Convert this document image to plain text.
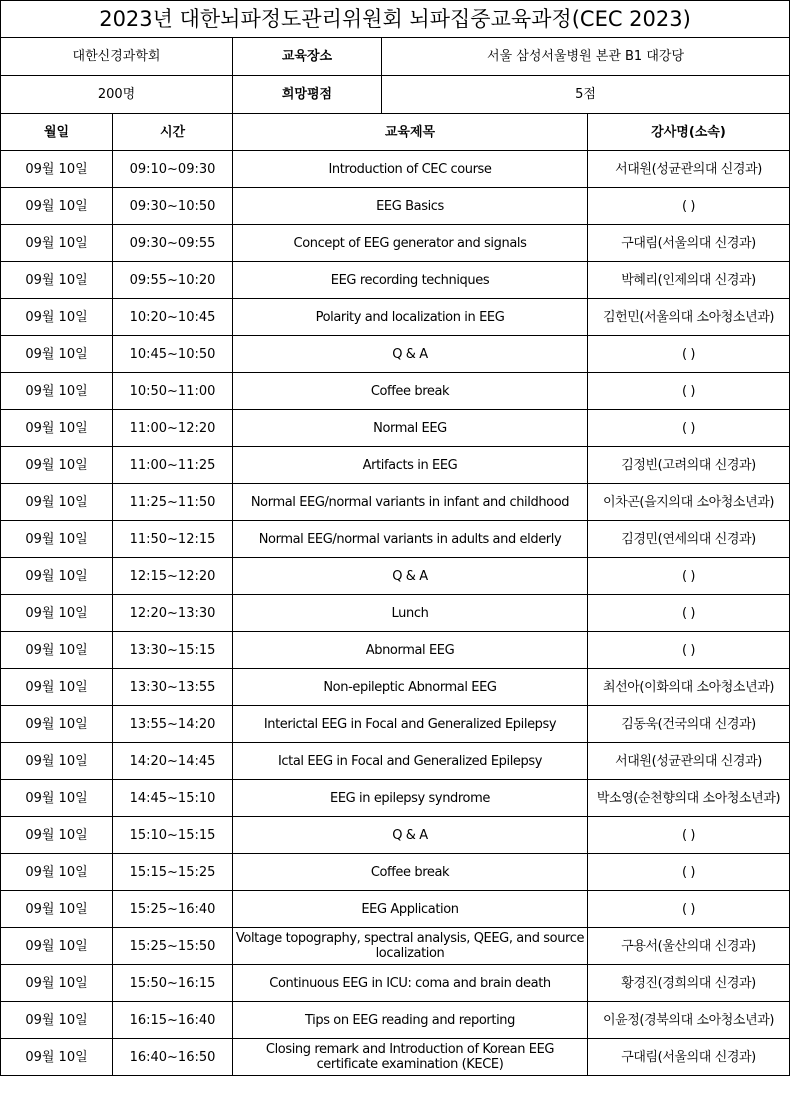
2023년 대한뇌파정도관리위원회 뇌파집중교육과정(CEC 2023)				
대한신경과학회		교육장소	서울 삼성서울병원 본관 B1 대강당	
200명		희망평점	5점	
월일	시간	교육제목		강사명(소속)
09월 10일	09:10~09:30	Introduction of CEC course		서대원(성균관의대 신경과)
09월 10일	09:30~10:50	EEG Basics		( )
09월 10일	09:30~09:55	Concept of EEG generator and signals		구대림(서울의대 신경과)
09월 10일	09:55~10:20	EEG recording techniques		박혜리(인제의대 신경과)
09월 10일	10:20~10:45	Polarity and localization in EEG		김헌민(서울의대 소아청소년과)
09월 10일	10:45~10:50	Q & A		( )
09월 10일	10:50~11:00	Coffee break		( )
09월 10일	11:00~12:20	Normal EEG		( )
09월 10일	11:00~11:25	Artifacts in EEG		김정빈(고려의대 신경과)
09월 10일	11:25~11:50	Normal EEG/normal variants in infant and childhood		이차곤(을지의대 소아청소년과)
09월 10일	11:50~12:15	Normal EEG/normal variants in adults and elderly		김경민(연세의대 신경과)
09월 10일	12:15~12:20	Q & A		( )
09월 10일	12:20~13:30	Lunch		( )
09월 10일	13:30~15:15	Abnormal EEG		( )
09월 10일	13:30~13:55	Non-epileptic Abnormal EEG		최선아(이화의대 소아청소년과)
09월 10일	13:55~14:20	Interictal EEG in Focal and Generalized Epilepsy		김동욱(건국의대 신경과)
09월 10일	14:20~14:45	Ictal EEG in Focal and Generalized Epilepsy		서대원(성균관의대 신경과)
09월 10일	14:45~15:10	EEG in epilepsy syndrome		박소영(순천향의대 소아청소년과)
09월 10일	15:10~15:15	Q & A		( )
09월 10일	15:15~15:25	Coffee break		( )
09월 10일	15:25~16:40	EEG Application		( )
09월 10일	15:25~15:50	Voltage topography, spectral analysis, QEEG, and source localization		구용서(울산의대 신경과)
09월 10일	15:50~16:15	Continuous EEG in ICU: coma and brain death		황경진(경희의대 신경과)
09월 10일	16:15~16:40	Tips on EEG reading and reporting		이윤정(경북의대 소아청소년과)
09월 10일	16:40~16:50	Closing remark and Introduction of Korean EEG certificate examination (KECE)		구대림(서울의대 신경과)
